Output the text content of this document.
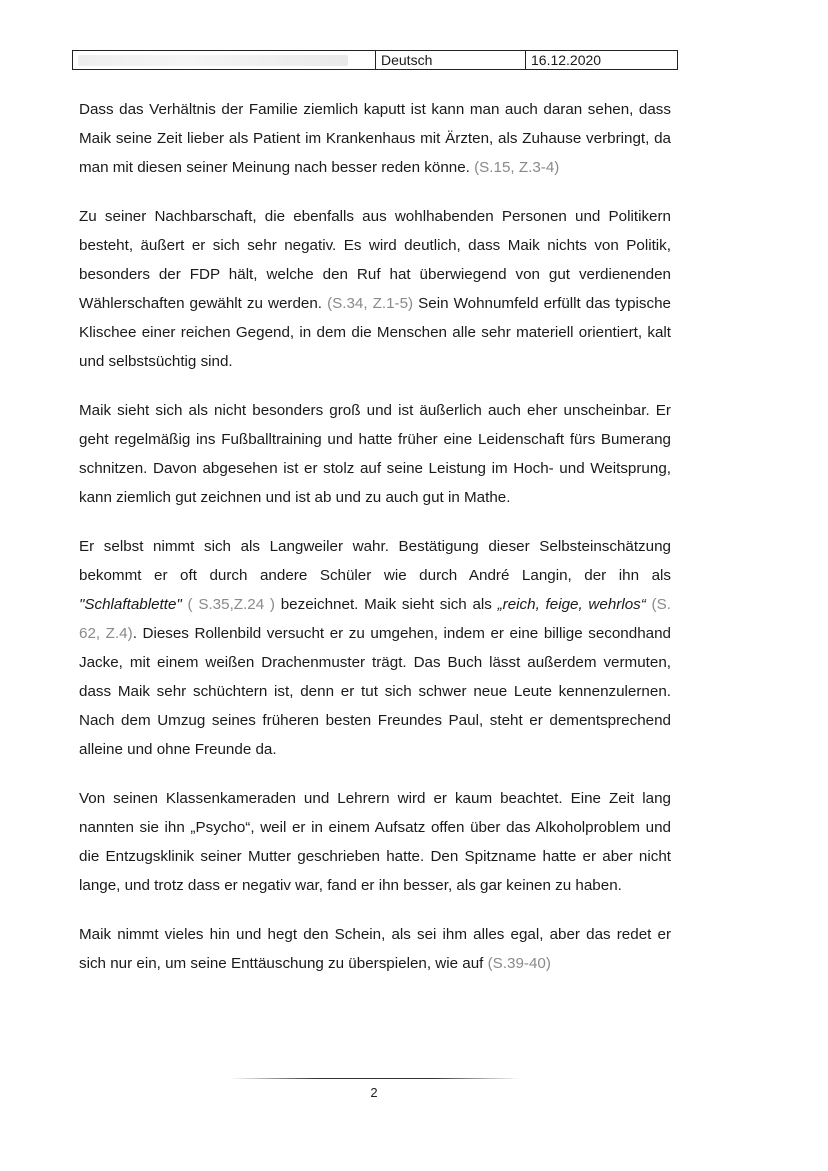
Deutsch	16.12.2020

Dass das Verhältnis der Familie ziemlich kaputt ist kann man auch daran sehen, dass Maik seine Zeit lieber als Patient im Krankenhaus mit Ärzten, als Zuhause verbringt, da man mit diesen seiner Meinung nach besser reden könne. (S.15, Z.3-4)

Zu seiner Nachbarschaft, die ebenfalls aus wohlhabenden Personen und Politikern besteht, äußert er sich sehr negativ. Es wird deutlich, dass Maik nichts von Politik, besonders der FDP hält, welche den Ruf hat überwiegend von gut verdienenden Wählerschaften gewählt zu werden. (S.34, Z.1-5) Sein Wohnumfeld erfüllt das typische Klischee einer reichen Gegend, in dem die Menschen alle sehr materiell orientiert, kalt und selbstsüchtig sind.

Maik sieht sich als nicht besonders groß und ist äußerlich auch eher unscheinbar. Er geht regelmäßig ins Fußballtraining und hatte früher eine Leidenschaft fürs Bumerang schnitzen. Davon abgesehen ist er stolz auf seine Leistung im Hoch- und Weitsprung, kann ziemlich gut zeichnen und ist ab und zu auch gut in Mathe.

Er selbst nimmt sich als Langweiler wahr. Bestätigung dieser Selbsteinschätzung bekommt er oft durch andere Schüler wie durch André Langin, der ihn als "Schlaftablette" ( S.35,Z.24 ) bezeichnet. Maik sieht sich als „reich, feige, wehrlos“ (S. 62, Z.4). Dieses Rollenbild versucht er zu umgehen, indem er eine billige secondhand Jacke, mit einem weißen Drachenmuster trägt. Das Buch lässt außerdem vermuten, dass Maik sehr schüchtern ist, denn er tut sich schwer neue Leute kennenzulernen. Nach dem Umzug seines früheren besten Freundes Paul, steht er dementsprechend alleine und ohne Freunde da.

Von seinen Klassenkameraden und Lehrern wird er kaum beachtet. Eine Zeit lang nannten sie ihn „Psycho“, weil er in einem Aufsatz offen über das Alkoholproblem und die Entzugsklinik seiner Mutter geschrieben hatte. Den Spitzname hatte er aber nicht lange, und trotz dass er negativ war, fand er ihn besser, als gar keinen zu haben.

Maik nimmt vieles hin und hegt den Schein, als sei ihm alles egal, aber das redet er sich nur ein, um seine Enttäuschung zu überspielen, wie auf (S.39-40)

2
